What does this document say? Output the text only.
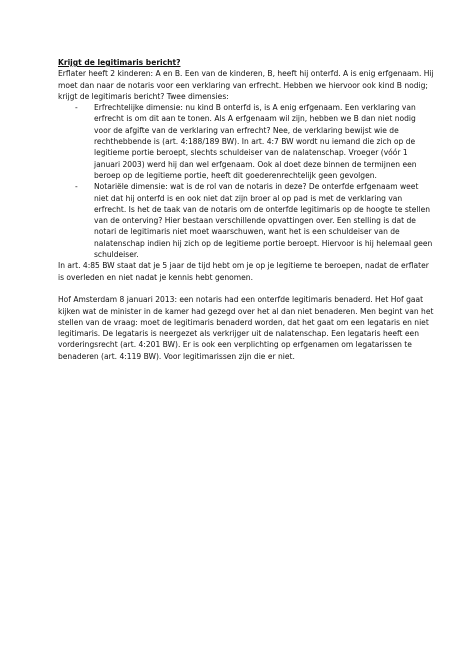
Krijgt de legitimaris bericht?

Erflater heeft 2 kinderen: A en B. Een van de kinderen, B, heeft hij onterfd. A is enig erfgenaam. Hij moet dan naar de notaris voor een verklaring van erfrecht. Hebben we hiervoor ook kind B nodig; krijgt de legitimaris bericht? Twee dimensies:

- Erfrechtelijke dimensie: nu kind B onterfd is, is A enig erfgenaam. Een verklaring van erfrecht is om dit aan te tonen. Als A erfgenaam wil zijn, hebben we B dan niet nodig voor de afgifte van de verklaring van erfrecht? Nee, de verklaring bewijst wie de rechthebbende is (art. 4:188/189 BW). In art. 4:7 BW wordt nu iemand die zich op de legitieme portie beroept, slechts schuldeiser van de nalatenschap. Vroeger (vóór 1 januari 2003) werd hij dan wel erfgenaam. Ook al doet deze binnen de termijnen een beroep op de legitieme portie, heeft dit goederenrechtelijk geen gevolgen.
- Notariële dimensie: wat is de rol van de notaris in deze? De onterfde erfgenaam weet niet dat hij onterfd is en ook niet dat zijn broer al op pad is met de verklaring van erfrecht. Is het de taak van de notaris om de onterfde legitimaris op de hoogte te stellen van de onterving? Hier bestaan verschillende opvattingen over. Een stelling is dat de notari de legitimaris niet moet waarschuwen, want het is een schuldeiser van de nalatenschap indien hij zich op de legitieme portie beroept. Hiervoor is hij helemaal geen schuldeiser.

In art. 4:85 BW staat dat je 5 jaar de tijd hebt om je op je legitieme te beroepen, nadat de erflater is overleden en niet nadat je kennis hebt genomen.

Hof Amsterdam 8 januari 2013: een notaris had een onterfde legitimaris benaderd. Het Hof gaat kijken wat de minister in de kamer had gezegd over het al dan niet benaderen. Men begint van het stellen van de vraag: moet de legitimaris benaderd worden, dat het gaat om een legataris en niet legitimaris. De legataris is neergezet als verkrijger uit de nalatenschap. Een legataris heeft een vorderingsrecht (art. 4:201 BW). Er is ook een verplichting op erfgenamen om legatarissen te benaderen (art. 4:119 BW). Voor legitimarissen zijn die er niet.
